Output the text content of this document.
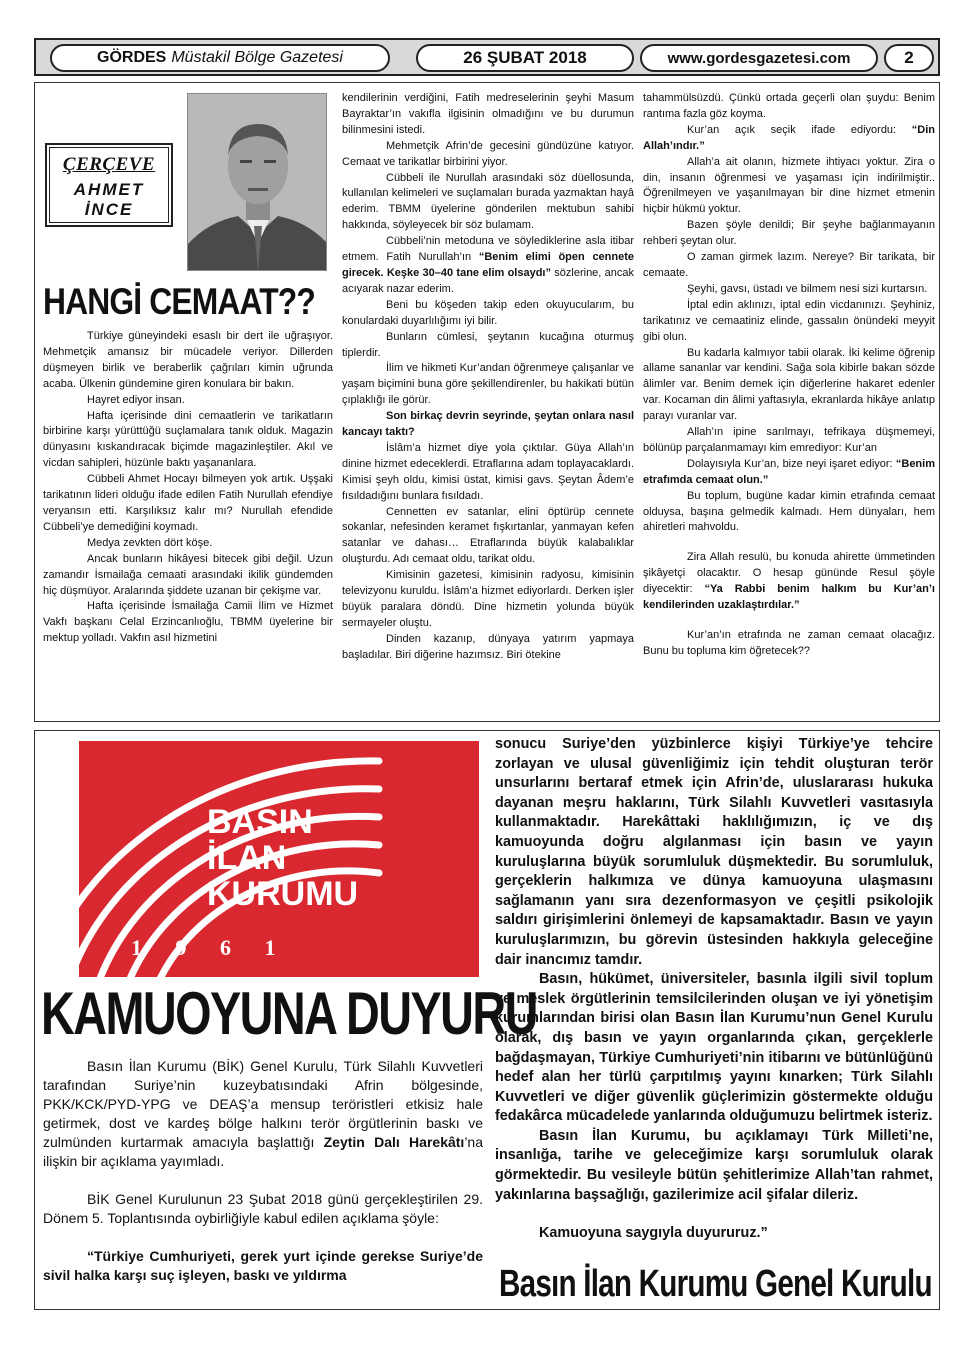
GÖRDES Müstakil Bölge Gazetesi	26 ŞUBAT 2018	www.gordesgazetesi.com	2
ÇERÇEVE
AHMET
İNCE
HANGİ CEMAAT??

Türkiye güneyindeki esaslı bir dert ile uğraşıyor. Mehmetçik amansız bir mücadele veriyor. Dillerden düşmeyen birlik ve beraberlik çağrıları kimin uğrunda acaba. Ülkenin gündemine giren konulara bir bakın.

Hayret ediyor insan.

Hafta içerisinde dini cemaatlerin ve tarikatların birbirine karşı yürüttüğü suçlamalara tanık olduk. Magazin dünyasını kıskandıracak biçimde magazinleştiler. Akıl ve vicdan sahipleri, hüzünle baktı yaşananlara.

Cübbeli Ahmet Hocayı bilmeyen yok artık. Uşşaki tarikatının lideri olduğu ifade edilen Fatih Nurullah efendiye veryansın etti. Karşılıksız kalır mı? Nurullah efendide Cübbeli’ye demediğini koymadı.

Medya zevkten dört köşe.

Ancak bunların hikâyesi bitecek gibi değil. Uzun zamandır İsmailağa cemaati arasındaki ikilik gündemden hiç düşmüyor. Aralarında şiddete uzanan bir çekişme var.

Hafta içerisinde İsmailağa Camii İlim ve Hizmet Vakfı başkanı Celal Erzincanlıoğlu, TBMM üyelerine bir mektup yolladı. Vakfın asıl hizmetini

kendilerinin verdiğini, Fatih medreselerinin şeyhi Masum Bayraktar’ın vakıfla ilgisinin olmadığını ve bu durumun bilinmesini istedi.

Mehmetçik Afrin’de gecesini gündüzüne katıyor. Cemaat ve tarikatlar birbirini yiyor.

Cübbeli ile Nurullah arasındaki söz düellosunda, kullanılan kelimeleri ve suçlamaları burada yazmaktan hayâ ederim. TBMM üyelerine gönderilen mektubun sahibi hakkında, söyleyecek bir söz bulamam.

Cübbeli’nin metoduna ve söylediklerine asla itibar etmem. Fatih Nurullah’ın “Benim elimi öpen cennete girecek. Keşke 30–40 tane elim olsaydı” sözlerine, ancak acıyarak nazar ederim.

Beni bu köşeden takip eden okuyucularım, bu konulardaki duyarlılığımı iyi bilir.

Bunların cümlesi, şeytanın kucağına oturmuş tiplerdir.

İlim ve hikmeti Kur’andan öğrenmeye çalışanlar ve yaşam biçimini buna göre şekillendirenler, bu hakikati bütün çıplaklığı ile görür.

Son birkaç devrin seyrinde, şeytan onlara nasıl kancayı taktı?

İslâm’a hizmet diye yola çıktılar. Güya Allah’ın dinine hizmet edeceklerdi. Etraflarına adam toplayacaklardı. Kimisi şeyh oldu, kimisi üstat, kimisi gavs. Şeytan Âdem’e fısıldadığını bunlara fısıldadı.

Cennetten ev satanlar, elini öptürüp cennete sokanlar, nefesinden keramet fışkırtanlar, yanmayan kefen satanlar ve dahası… Etraflarında büyük kalabalıklar oluşturdu. Adı cemaat oldu, tarikat oldu.

Kimisinin gazetesi, kimisinin radyosu, kimisinin televizyonu kuruldu. İslâm’a hizmet ediyorlardı. Derken işler büyük paralara döndü. Dine hizmetin yolunda büyük sermayeler oluştu.

Dinden kazanıp, dünyaya yatırım yapmaya başladılar. Biri diğerine hazımsız. Biri ötekine

tahammülsüzdü. Çünkü ortada geçerli olan şuydu: Benim rantıma fazla göz koyma.

Kur’an açık seçik ifade ediyordu: “Din Allah’ındır.”

Allah’a ait olanın, hizmete ihtiyacı yoktur. Zira o din, insanın öğrenmesi ve yaşaması için indirilmiştir.. Öğrenilmeyen ve yaşanılmayan bir dine hizmet etmenin hiçbir hükmü yoktur.

Bazen şöyle denildi; Bir şeyhe bağlanmayanın rehberi şeytan olur.

O zaman girmek lazım. Nereye? Bir tarikata, bir cemaate.

Şeyhi, gavsı, üstadı ve bilmem nesi sizi kurtarsın.

İptal edin aklınızı, iptal edin vicdanınızı. Şeyhiniz, tarikatınız ve cemaatiniz elinde, gassalın önündeki meyyit gibi olun.

Bu kadarla kalmıyor tabii olarak. İki kelime öğrenip allame sananlar var kendini. Sağa sola kibirle bakan sözde âlimler var. Benim demek için diğerlerine hakaret edenler var. Kocaman din âlimi yaftasıyla, ekranlarda hikâye anlatıp parayı vuranlar var.

Allah’ın ipine sarılmayı, tefrikaya düşmemeyi, bölünüp parçalanmamayı kim emrediyor: Kur’an

Dolayısıyla Kur’an, bize neyi işaret ediyor: “Benim etrafımda cemaat olun.”

Bu toplum, bugüne kadar kimin etrafında cemaat olduysa, başına gelmedik kalmadı. Hem dünyaları, hem ahiretleri mahvoldu.

Zira Allah resulü, bu konuda ahirette ümmetinden şikâyetçi olacaktır. O hesap gününde Resul şöyle diyecektir: “Ya Rabbi benim halkım bu Kur’an’ı kendilerinden uzaklaştırdılar.”

Kur’an’ın etrafında ne zaman cemaat olacağız. Bunu bu topluma kim öğretecek??

BASIN
İLAN
KURUMU
1 9 6 1
KAMUOYUNA DUYURU

Basın İlan Kurumu (BİK) Genel Kurulu, Türk Silahlı Kuvvetleri tarafından Suriye’nin kuzeybatısındaki Afrin bölgesinde, PKK/KCK/PYD-YPG ve DEAŞ’a mensup teröristleri etkisiz hale getirmek, dost ve kardeş bölge halkını terör örgütlerinin baskı ve zulmünden kurtarmak amacıyla başlattığı Zeytin Dalı Harekâtı’na ilişkin bir açıklama yayımladı.

BİK Genel Kurulunun 23 Şubat 2018 günü gerçekleştirilen 29. Dönem 5. Toplantısında oybirliğiyle kabul edilen açıklama şöyle:

“Türkiye Cumhuriyeti, gerek yurt içinde gerekse Suriye’de sivil halka karşı suç işleyen, baskı ve yıldırma

sonucu Suriye’den yüzbinlerce kişiyi Türkiye’ye tehcire zorlayan ve ulusal güvenliğimiz için tehdit oluşturan terör unsurlarını bertaraf etmek için Afrin’de, uluslararası hukuka dayanan meşru haklarını, Türk Silahlı Kuvvetleri vasıtasıyla kullanmaktadır. Harekâttaki haklılığımızın, iç ve dış kamuoyunda doğru algılanması için basın ve yayın kuruluşlarına büyük sorumluluk düşmektedir. Bu sorumluluk, gerçeklerin halkımıza ve dünya kamuoyuna ulaşmasını sağlamanın yanı sıra dezenformasyon ve çeşitli psikolojik saldırı girişimlerini önlemeyi de kapsamaktadır. Basın ve yayın kuruluşlarımızın, bu görevin üstesinden hakkıyla geleceğine dair inancımız tamdır.

Basın, hükümet, üniversiteler, basınla ilgili sivil toplum ve meslek örgütlerinin temsilcilerinden oluşan ve iyi yönetişim kurumlarından birisi olan Basın İlan Kurumu’nun Genel Kurulu olarak, dış basın ve yayın organlarında çıkan, gerçeklerle bağdaşmayan, Türkiye Cumhuriyeti’nin itibarını ve bütünlüğünü hedef alan her türlü çarpıtılmış yayını kınarken; Türk Silahlı Kuvvetleri ve diğer güvenlik güçlerimizin göstermekte olduğu fedakârca mücadelede yanlarında olduğumuzu belirtmek isteriz.

Basın İlan Kurumu, bu açıklamayı Türk Milleti’ne, insanlığa, tarihe ve geleceğimize karşı sorumluluk olarak görmektedir. Bu vesileyle bütün şehitlerimize Allah’tan rahmet, yakınlarına başsağlığı, gazilerimize acil şifalar dileriz.

Kamuoyuna saygıyla duyururuz.”

Basın İlan Kurumu Genel Kurulu
